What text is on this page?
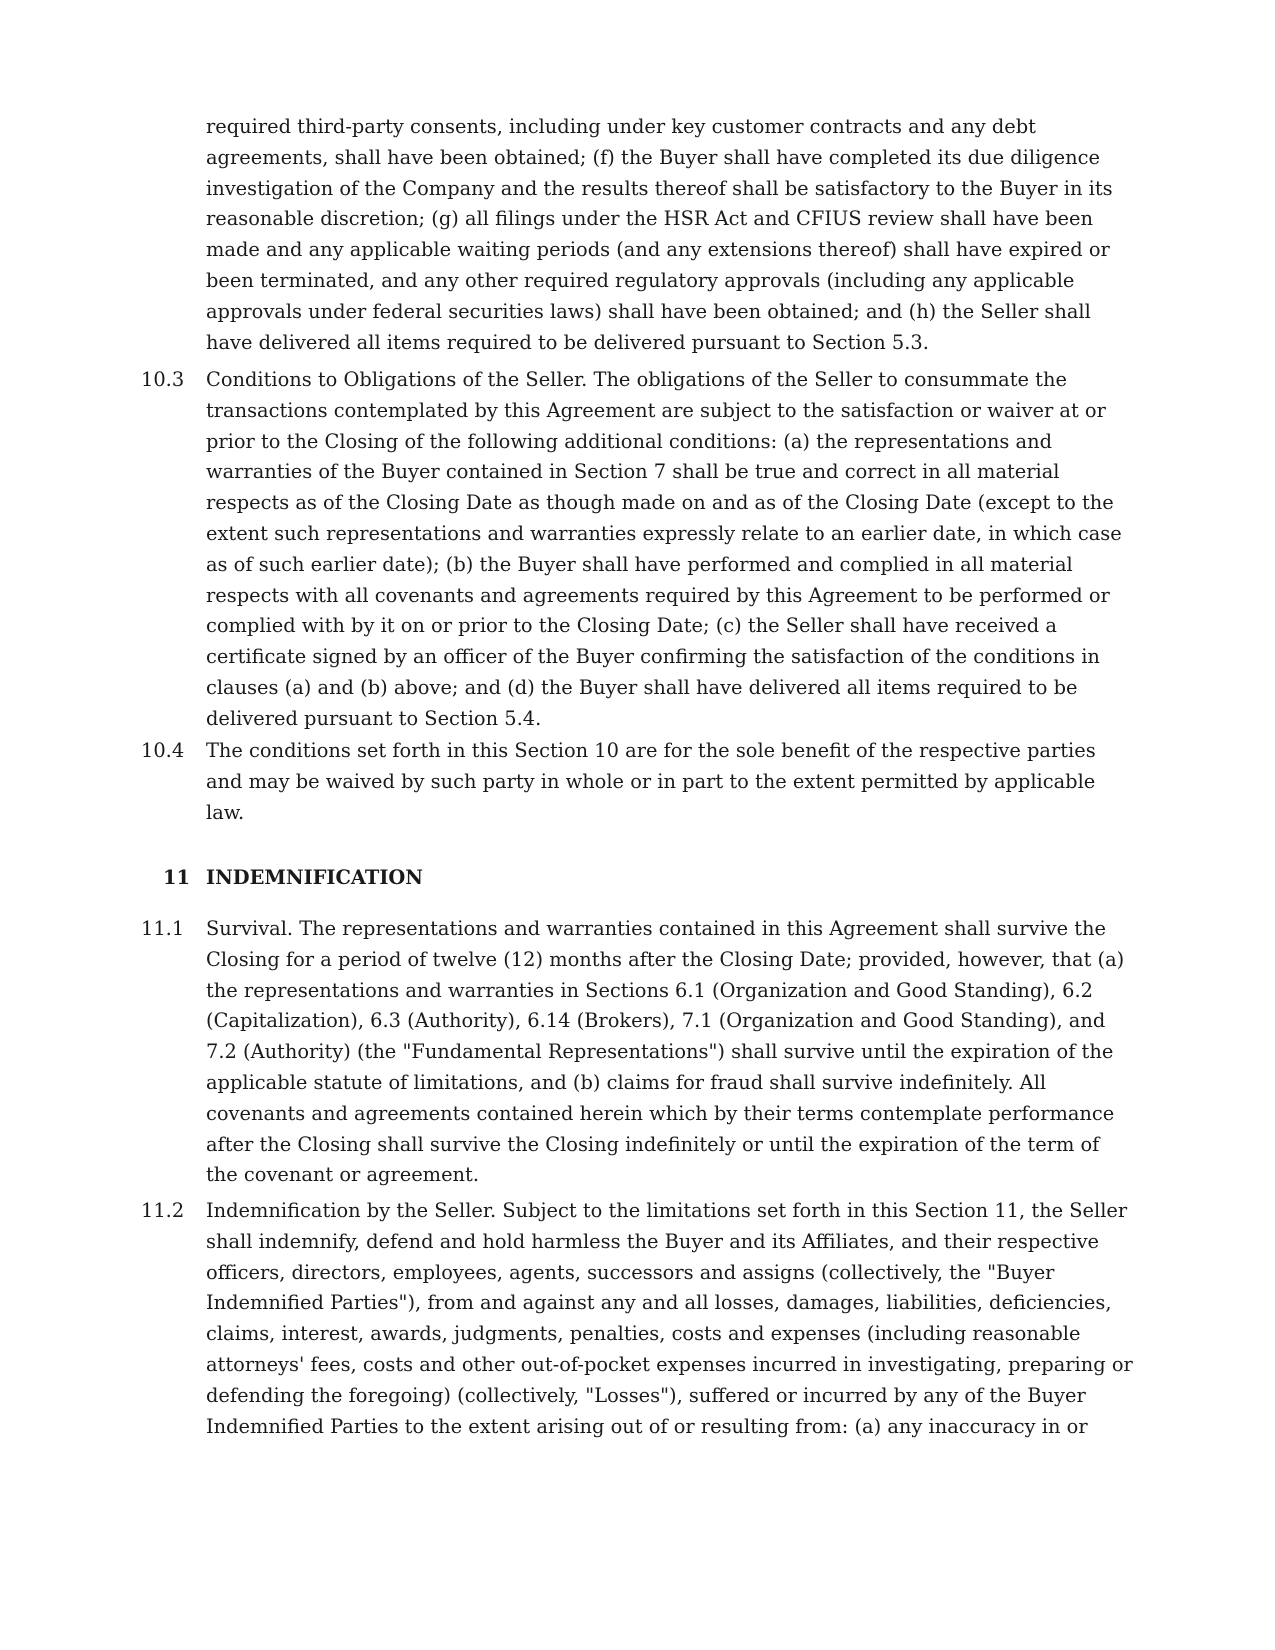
required third-party consents, including under key customer contracts and any debt agreements, shall have been obtained; (f) the Buyer shall have completed its due diligence investigation of the Company and the results thereof shall be satisfactory to the Buyer in its reasonable discretion; (g) all filings under the HSR Act and CFIUS review shall have been made and any applicable waiting periods (and any extensions thereof) shall have expired or been terminated, and any other required regulatory approvals (including any applicable approvals under federal securities laws) shall have been obtained; and (h) the Seller shall have delivered all items required to be delivered pursuant to Section 5.3.

10.3	Conditions to Obligations of the Seller. The obligations of the Seller to consummate the transactions contemplated by this Agreement are subject to the satisfaction or waiver at or prior to the Closing of the following additional conditions: (a) the representations and warranties of the Buyer contained in Section 7 shall be true and correct in all material respects as of the Closing Date as though made on and as of the Closing Date (except to the extent such representations and warranties expressly relate to an earlier date, in which case as of such earlier date); (b) the Buyer shall have performed and complied in all material respects with all covenants and agreements required by this Agreement to be performed or complied with by it on or prior to the Closing Date; (c) the Seller shall have received a certificate signed by an officer of the Buyer confirming the satisfaction of the conditions in clauses (a) and (b) above; and (d) the Buyer shall have delivered all items required to be delivered pursuant to Section 5.4.
10.4	The conditions set forth in this Section 10 are for the sole benefit of the respective parties and may be waived by such party in whole or in part to the extent permitted by applicable law.
11 INDEMNIFICATION
11.1	Survival. The representations and warranties contained in this Agreement shall survive the Closing for a period of twelve (12) months after the Closing Date; provided, however, that (a) the representations and warranties in Sections 6.1 (Organization and Good Standing), 6.2 (Capitalization), 6.3 (Authority), 6.14 (Brokers), 7.1 (Organization and Good Standing), and 7.2 (Authority) (the "Fundamental Representations") shall survive until the expiration of the applicable statute of limitations, and (b) claims for fraud shall survive indefinitely. All covenants and agreements contained herein which by their terms contemplate performance after the Closing shall survive the Closing indefinitely or until the expiration of the term of the covenant or agreement.
11.2	Indemnification by the Seller. Subject to the limitations set forth in this Section 11, the Seller shall indemnify, defend and hold harmless the Buyer and its Affiliates, and their respective officers, directors, employees, agents, successors and assigns (collectively, the "Buyer Indemnified Parties"), from and against any and all losses, damages, liabilities, deficiencies, claims, interest, awards, judgments, penalties, costs and expenses (including reasonable attorneys' fees, costs and other out-of-pocket expenses incurred in investigating, preparing or defending the foregoing) (collectively, "Losses"), suffered or incurred by any of the Buyer Indemnified Parties to the extent arising out of or resulting from: (a) any inaccuracy in or
